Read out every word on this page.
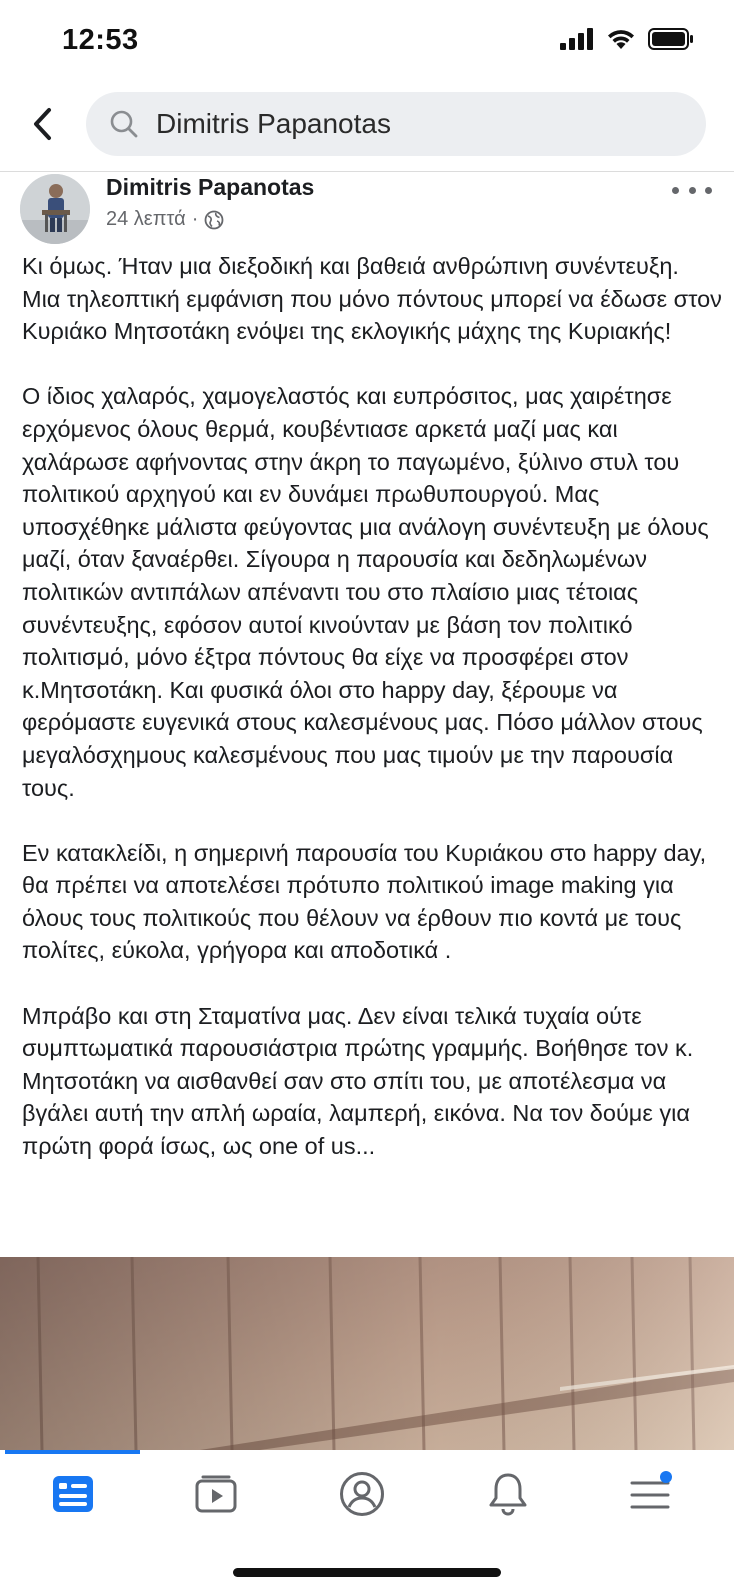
12:53
Dimitris Papanotas
Dimitris Papanotas
24 λεπτά ·

Κι όμως. Ήταν μια διεξοδική και βαθειά ανθρώπινη συνέντευξη. Μια τηλεοπτική εμφάνιση που μόνο πόντους μπορεί να έδωσε στον Κυριάκο Μητσοτάκη ενόψει της εκλογικής μάχης της Κυριακής!

Ο ίδιος χαλαρός, χαμογελαστός και ευπρόσιτος, μας χαιρέτησε ερχόμενος όλους θερμά, κουβέντιασε αρκετά μαζί μας και χαλάρωσε αφήνοντας στην άκρη το παγωμένο, ξύλινο στυλ του πολιτικού αρχηγού και εν δυνάμει πρωθυπουργού. Μας υποσχέθηκε μάλιστα φεύγοντας μια ανάλογη συνέντευξη με όλους μαζί, όταν ξαναέρθει. Σίγουρα η παρουσία και δεδηλωμένων πολιτικών αντιπάλων απέναντι του στο πλαίσιο μιας τέτοιας συνέντευξης, εφόσον αυτοί κινούνταν με βάση τον πολιτικό πολιτισμό, μόνο έξτρα πόντους θα είχε να προσφέρει στον κ.Μητσοτάκη. Και φυσικά όλοι στο happy day, ξέρουμε να φερόμαστε ευγενικά στους καλεσμένους μας. Πόσο μάλλον στους μεγαλόσχημους καλεσμένους που μας τιμούν με την παρουσία τους.

Εν κατακλείδι, η σημερινή παρουσία του Κυριάκου στο happy day, θα πρέπει να αποτελέσει πρότυπο πολιτικού image making για όλους τους πολιτικούς που θέλουν να έρθουν πιο κοντά με τους πολίτες, εύκολα, γρήγορα και αποδοτικά .

Μπράβο και στη Σταματίνα μας. Δεν είναι τελικά τυχαία ούτε συμπτωματικά παρουσιάστρια πρώτης γραμμής. Βοήθησε τον κ. Μητσοτάκη να αισθανθεί σαν στο σπίτι του, με αποτέλεσμα να βγάλει αυτή την απλή ωραία, λαμπερή, εικόνα. Να τον δούμε για πρώτη φορά ίσως, ως one of us...
